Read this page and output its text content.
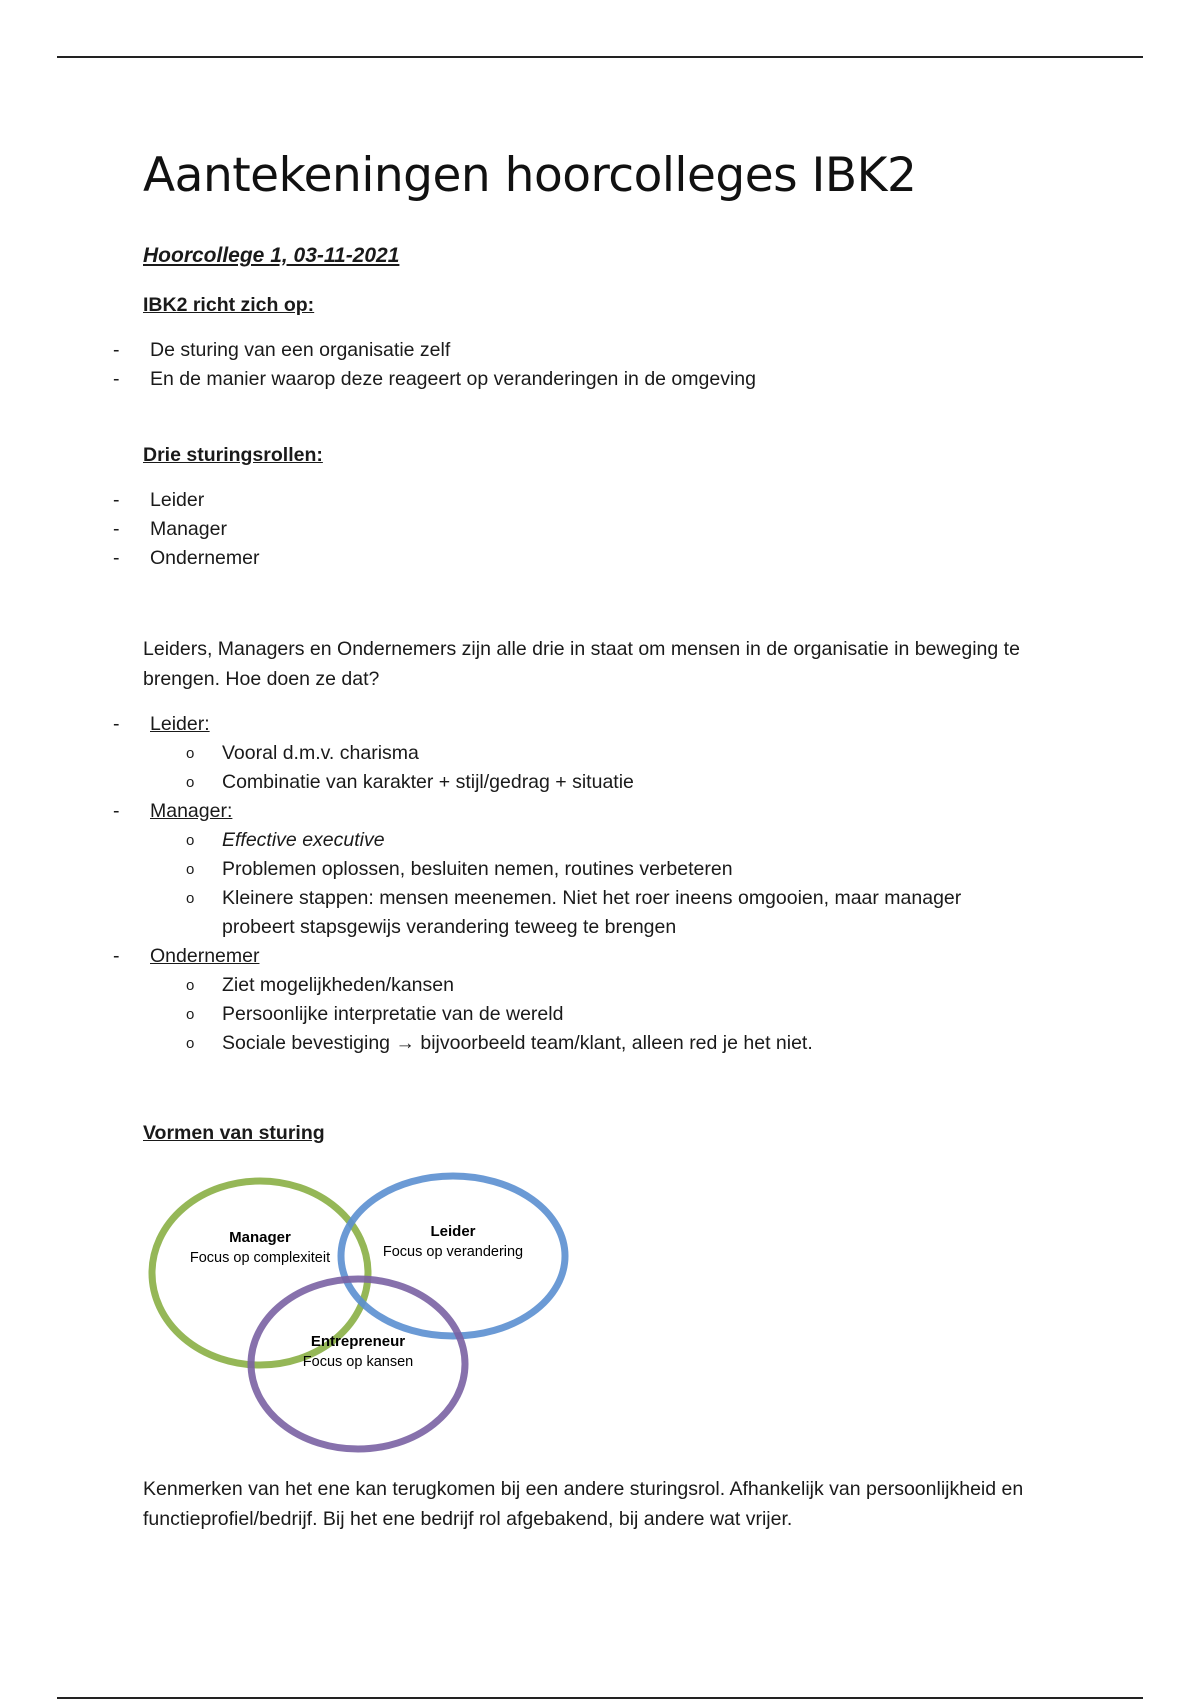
Aantekeningen hoorcolleges IBK2
Hoorcollege 1, 03-11-2021
IBK2 richt zich op:
- De sturing van een organisatie zelf
- En de manier waarop deze reageert op veranderingen in de omgeving
Drie sturingsrollen:
- Leider
- Manager
- Ondernemer

Leiders, Managers en Ondernemers zijn alle drie in staat om mensen in de organisatie in beweging te brengen. Hoe doen ze dat?

- Leider:
o Vooral d.m.v. charisma
o Combinatie van karakter + stijl/gedrag + situatie
- Manager:
o Effective executive
o Problemen oplossen, besluiten nemen, routines verbeteren
o Kleinere stappen: mensen meenemen. Niet het roer ineens omgooien, maar manager
probeert stapsgewijs verandering teweeg te brengen
- Ondernemer
o Ziet mogelijkheden/kansen
o Persoonlijke interpretatie van de wereld
o Sociale bevestiging → bijvoorbeeld team/klant, alleen red je het niet.
Vormen van sturing
Manager
Focus op complexiteit
Leider
Focus op verandering
Entrepreneur
Focus op kansen

Kenmerken van het ene kan terugkomen bij een andere sturingsrol. Afhankelijk van persoonlijkheid en functieprofiel/bedrijf. Bij het ene bedrijf rol afgebakend, bij andere wat vrijer.
